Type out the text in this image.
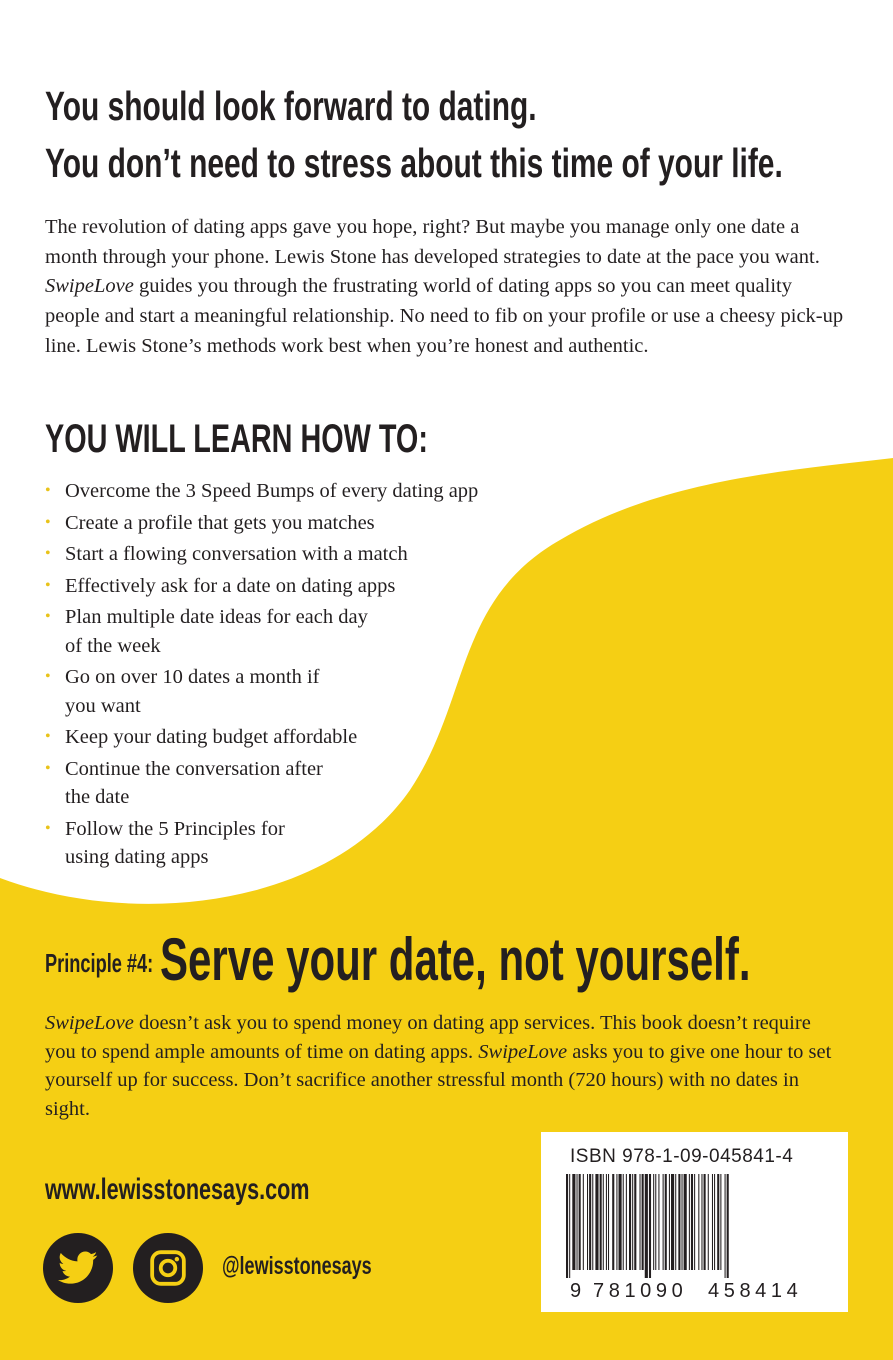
You should look forward to dating.
You don’t need to stress about this time of your life.

The revolution of dating apps gave you hope, right? But maybe you manage only one date a month through your phone. Lewis Stone has developed strategies to date at the pace you want. SwipeLove guides you through the frustrating world of dating apps so you can meet quality people and start a meaningful relationship. No need to fib on your profile or use a cheesy pick-up line. Lewis Stone’s methods work best when you’re honest and authentic.

YOU WILL LEARN HOW TO:
• Overcome the 3 Speed Bumps of every dating app
• Create a profile that gets you matches
• Start a flowing conversation with a match
• Effectively ask for a date on dating apps
• Plan multiple date ideas for each day
of the week
• Go on over 10 dates a month if
you want
• Keep your dating budget affordable
• Continue the conversation after
the date
• Follow the 5 Principles for
using dating apps
Principle #4: Serve your date, not yourself.

SwipeLove doesn’t ask you to spend money on dating app services. This book doesn’t require you to spend ample amounts of time on dating apps. SwipeLove asks you to give one hour to set yourself up for success. Don’t sacrifice another stressful month (720 hours) with no dates in sight.

www.lewisstonesays.com
@lewisstonesays
ISBN 978-1-09-045841-4
9 781090 458414
